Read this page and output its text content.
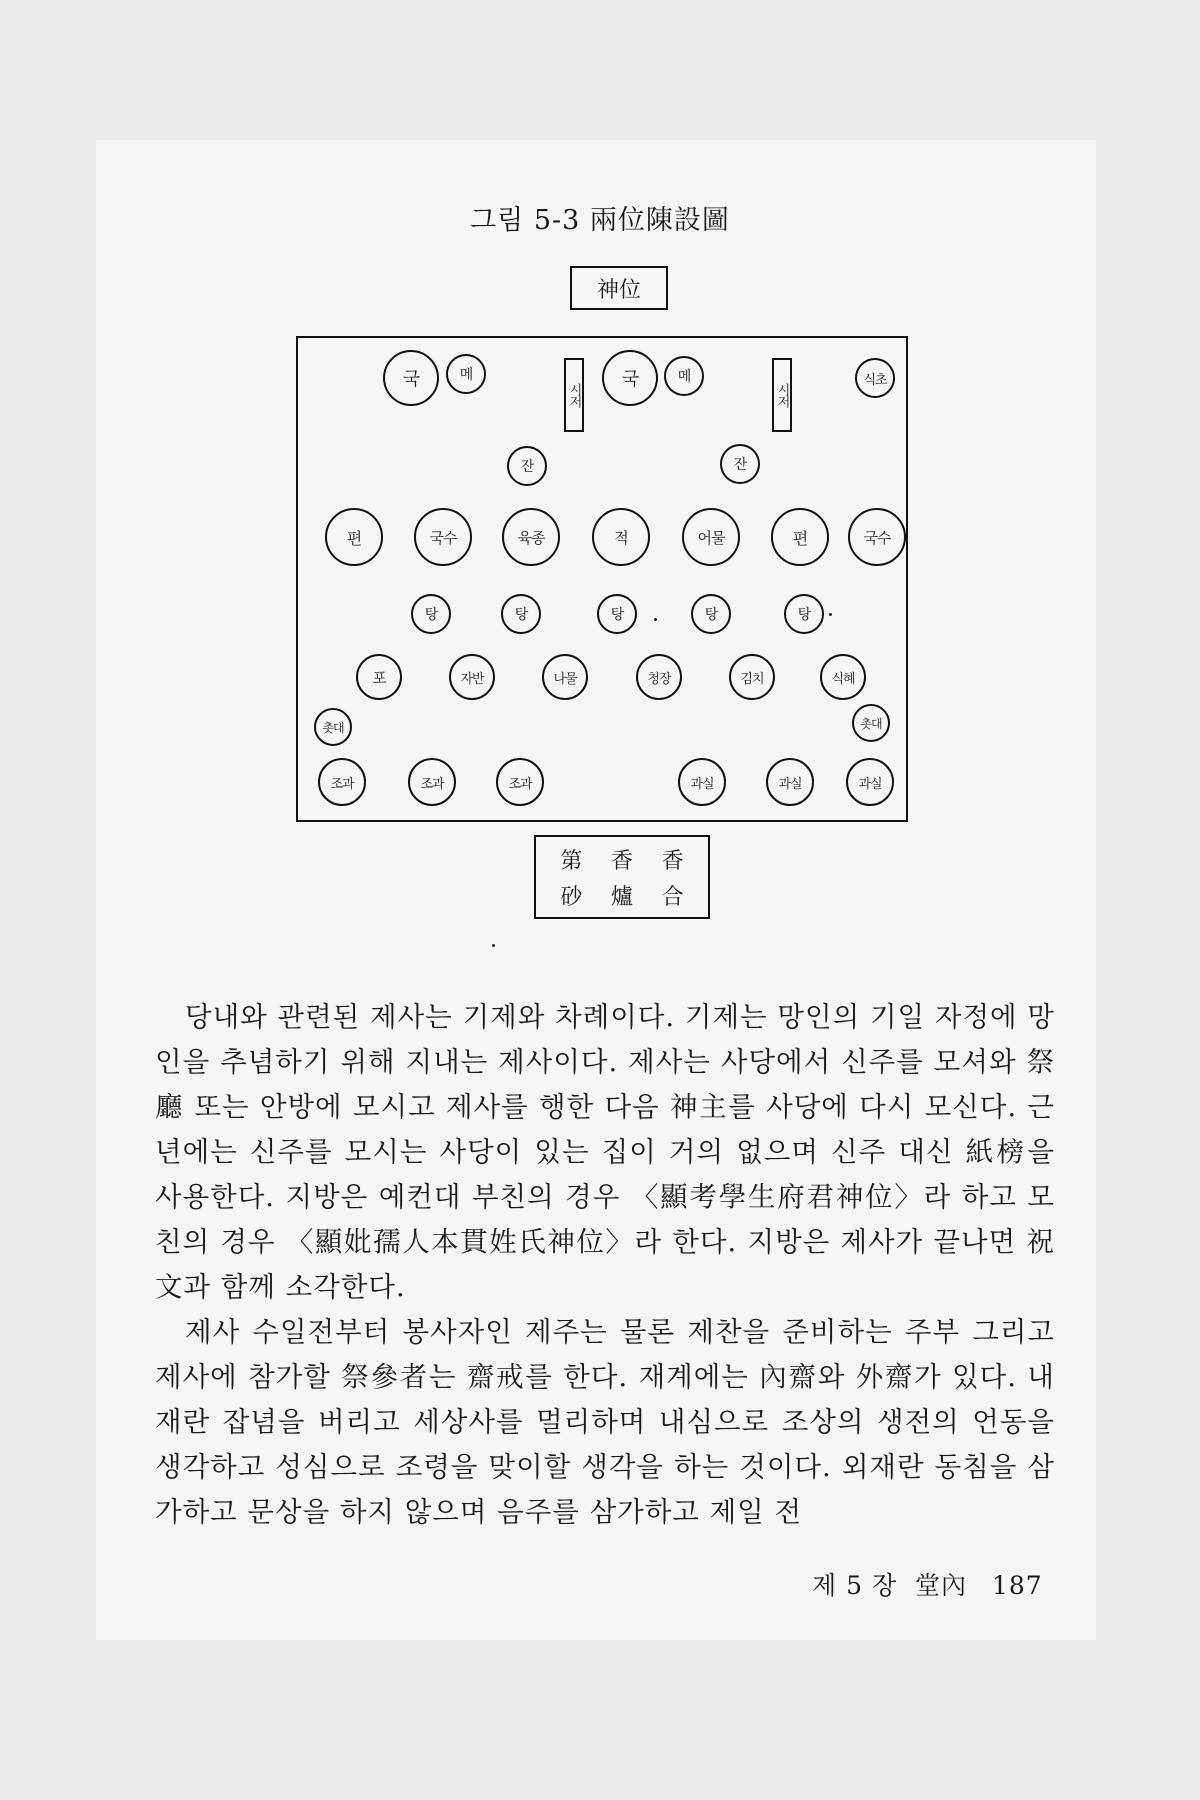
그림 5-3 兩位陳設圖
神位
국	메
시저
국	메
시저
식초
잔	잔
편	국수	육종	적	어물	편	국수
탕	탕	탕	탕	탕
포	자반	나물	청장	김치	식혜
촛대	촛대
조과	조과	조과	과실	과실	과실
第	香	香
砂	爐	合
당내와 관련된 제사는 기제와 차례이다. 기제는 망인의 기일 자정에 망인을 추념하기 위해 지내는 제사이다. 제사는 사당에서 신주를 모셔와 祭廳 또는 안방에 모시고 제사를 행한 다음 神主를 사당에 다시 모신다. 근년에는 신주를 모시는 사당이 있는 집이 거의 없으며 신주 대신 紙榜을 사용한다. 지방은 예컨대 부친의 경우 〈顯考學生府君神位〉라 하고 모친의 경우 〈顯妣孺人本貫姓氏神位〉라 한다. 지방은 제사가 끝나면 祝文과 함께 소각한다.
제사 수일전부터 봉사자인 제주는 물론 제찬을 준비하는 주부 그리고 제사에 참가할 祭參者는 齋戒를 한다. 재계에는 內齋와 外齋가 있다. 내재란 잡념을 버리고 세상사를 멀리하며 내심으로 조상의 생전의 언동을 생각하고 성심으로 조령을 맞이할 생각을 하는 것이다. 외재란 동침을 삼가하고 문상을 하지 않으며 음주를 삼가하고 제일 전
제 5 장  堂內 187
